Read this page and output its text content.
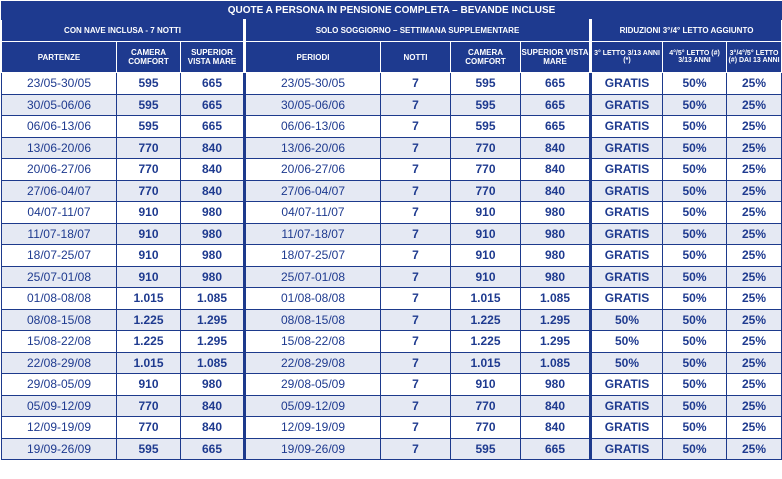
QUOTE A PERSONA IN PENSIONE COMPLETA – BEVANDE INCLUSE									
CON NAVE INCLUSA - 7 NOTTI			SOLO SOGGIORNO – SETTIMANA SUPPLEMENTARE				RIDUZIONI 3°/4° LETTO AGGIUNTO		
PARTENZE	CAMERA COMFORT	SUPERIOR VISTA MARE	PERIODI	NOTTI	CAMERA COMFORT	SUPERIOR VISTA MARE	3° LETTO 3/13 ANNI (*)	4°/5° LETTO (#) 3/13 ANNI	3°/4°/5° LETTO (#) DAI 13 ANNI
23/05-30/05	595	665	23/05-30/05	7	595	665	GRATIS	50%	25%
30/05-06/06	595	665	30/05-06/06	7	595	665	GRATIS	50%	25%
06/06-13/06	595	665	06/06-13/06	7	595	665	GRATIS	50%	25%
13/06-20/06	770	840	13/06-20/06	7	770	840	GRATIS	50%	25%
20/06-27/06	770	840	20/06-27/06	7	770	840	GRATIS	50%	25%
27/06-04/07	770	840	27/06-04/07	7	770	840	GRATIS	50%	25%
04/07-11/07	910	980	04/07-11/07	7	910	980	GRATIS	50%	25%
11/07-18/07	910	980	11/07-18/07	7	910	980	GRATIS	50%	25%
18/07-25/07	910	980	18/07-25/07	7	910	980	GRATIS	50%	25%
25/07-01/08	910	980	25/07-01/08	7	910	980	GRATIS	50%	25%
01/08-08/08	1.015	1.085	01/08-08/08	7	1.015	1.085	GRATIS	50%	25%
08/08-15/08	1.225	1.295	08/08-15/08	7	1.225	1.295	50%	50%	25%
15/08-22/08	1.225	1.295	15/08-22/08	7	1.225	1.295	50%	50%	25%
22/08-29/08	1.015	1.085	22/08-29/08	7	1.015	1.085	50%	50%	25%
29/08-05/09	910	980	29/08-05/09	7	910	980	GRATIS	50%	25%
05/09-12/09	770	840	05/09-12/09	7	770	840	GRATIS	50%	25%
12/09-19/09	770	840	12/09-19/09	7	770	840	GRATIS	50%	25%
19/09-26/09	595	665	19/09-26/09	7	595	665	GRATIS	50%	25%
